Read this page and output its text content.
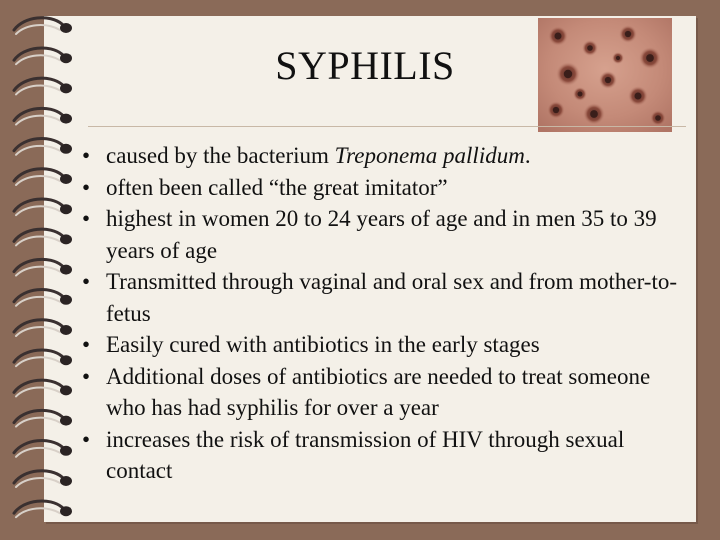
SYPHILIS
• caused by the bacterium Treponema pallidum.
• often been called “the great imitator”
• highest in women 20 to 24 years of age and in men 35 to 39 years of age
• Transmitted through vaginal and oral sex and from mother-to-fetus
• Easily cured with antibiotics in the early stages
• Additional doses of antibiotics are needed to treat someone who has had syphilis for over a year
• increases the risk of transmission of HIV through sexual contact
